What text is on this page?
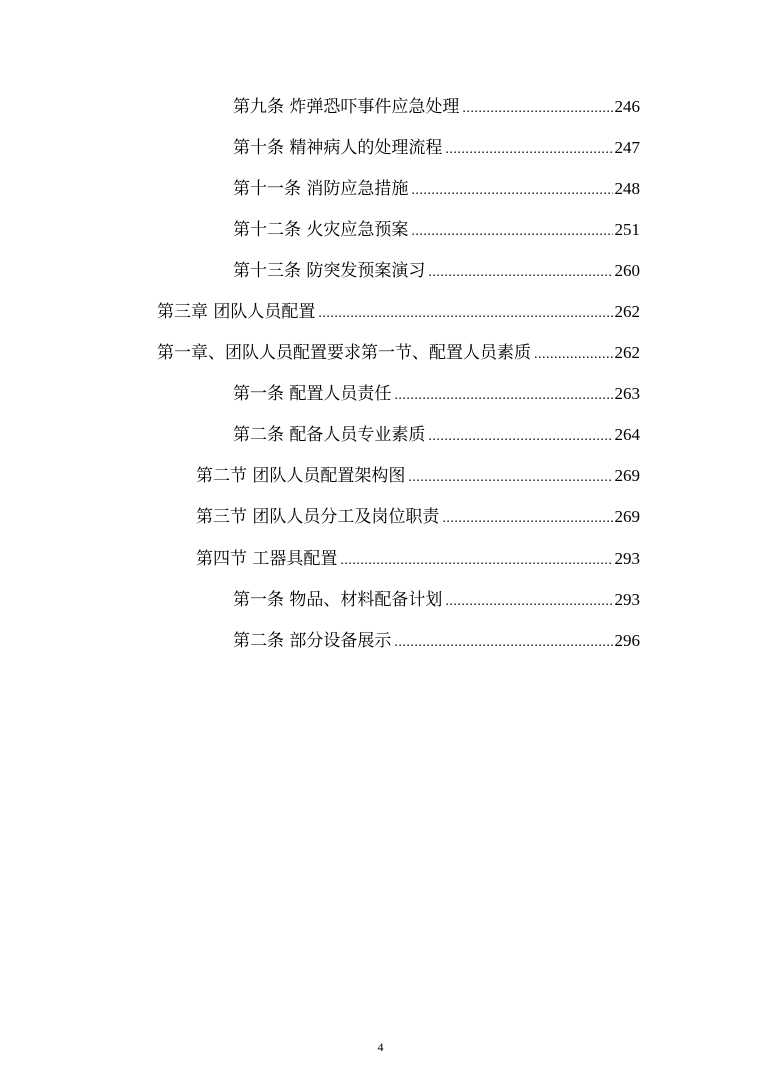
第九条 炸弹恐吓事件应急处理 .....	246
第十条 精神病人的处理流程 .....	247
第十一条 消防应急措施 .....	248
第十二条 火灾应急预案 .....	251
第十三条 防突发预案演习 .....	260
第三章 团队人员配置 .....	262
第一章、团队人员配置要求第一节、配置人员素质 .....	262
第一条 配置人员责任 .....	263
第二条 配备人员专业素质 .....	264
第二节 团队人员配置架构图 .....	269
第三节 团队人员分工及岗位职责 .....	269
第四节 工器具配置 .....	293
第一条 物品、材料配备计划 .....	293
第二条 部分设备展示 .....	296
4
